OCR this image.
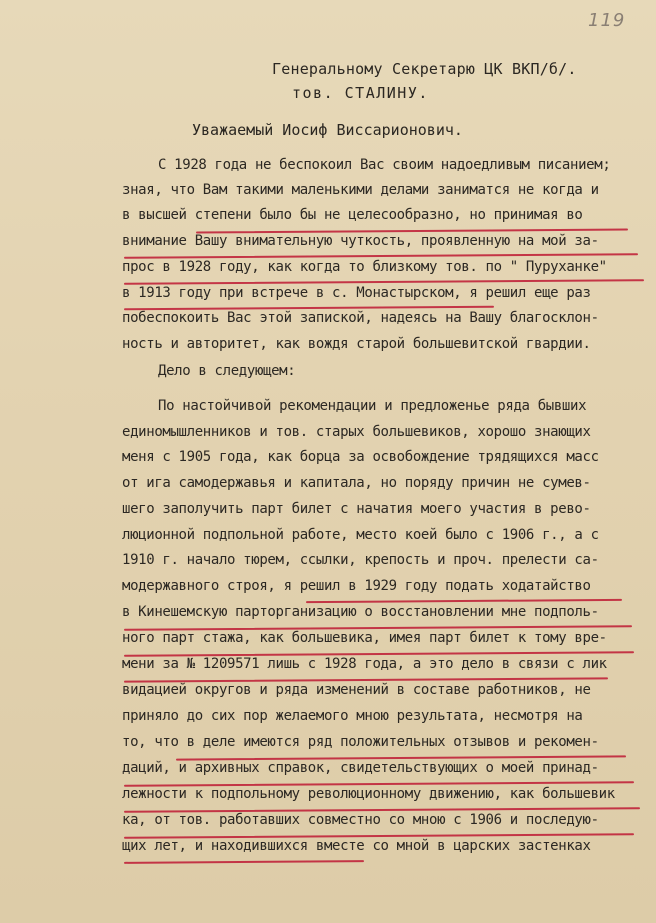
119
Генеральному Секретарю ЦК ВКП/б/.
тов. СТАЛИНУ.
Уважаемый Иосиф Виссарионович.
С 1928 года не беспокоил Вас своим надоедливым писанием;
зная, что Вам такими маленькими делами заниматся не когда и
в высшей степени было бы не целесообразно, но принимая во
внимание Вашу внимательную чуткость, проявленную на мой за-
прос в 1928 году, как когда то близкому тов. по " Пуруханке"
в 1913 году при встрече в с. Монастырском, я решил еще раз
побеспокоить Вас этой запиской, надеясь на Вашу благосклон-
ность и авторитет, как вождя старой большевитской гвардии.
Дело в следующем:
По настойчивой рекомендации и предложенье ряда бывших
единомышленников и тов. старых большевиков, хорошо знающих
меня с 1905 года, как борца за освобождение трядящихся масс
от ига самодержавья и капитала, но поряду причин не сумев-
шего заполучить парт билет с начатия моего участия в рево-
люционной подпольной работе, место коей было с 1906 г., а с
1910 г. начало тюрем, ссылки, крепость и проч. прелести са-
модержавного строя, я решил в 1929 году подать ходатайство
в Кинешемскую парторганизацию о восстановлении мне подполь-
ного парт стажа, как большевика, имея парт билет к тому вре-
мени за № 1209571 лишь с 1928 года, а это дело в связи с лик
видацией округов и ряда изменений в составе работников, не
приняло до сих пор желаемого мною результата, несмотря на
то, что в деле имеются ряд положительных отзывов и рекомен-
даций, и архивных справок, свидетельствующих о моей принад-
лежности к подпольному революционному движению, как большевик
ка, от тов. работавших совместно со мною с 1906 и последую-
щих лет, и находившихся вместе со мной в царских застенках
